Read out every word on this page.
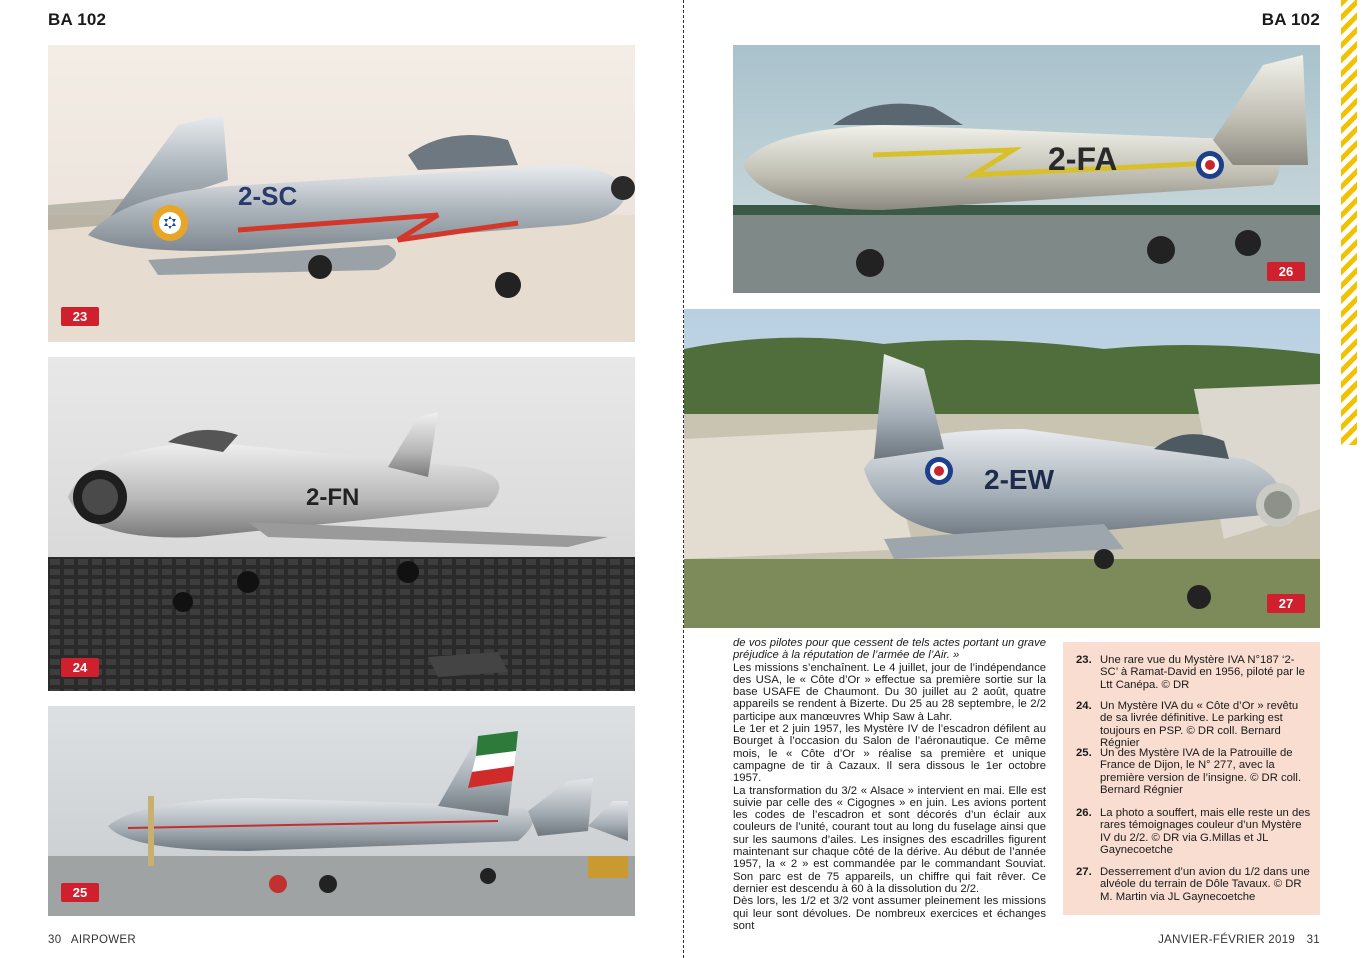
BA 102	BA 102
2-SC
23
2-FN
24
25
2-FA
26
2-EW
27

de vos pilotes pour que cessent de tels actes portant un grave préjudice à la réputation de l’armée de l’Air. »

Les missions s’enchaînent. Le 4 juillet, jour de l’indépendance des USA, le « Côte d’Or » effectue sa première sortie sur la base USAFE de Chaumont. Du 30 juillet au 2 août, quatre appareils se rendent à Bizerte. Du 25 au 28 septembre, le 2/2 participe aux manœuvres Whip Saw à Lahr.

Le 1er et 2 juin 1957, les Mystère IV de l’escadron défilent au Bourget à l’occasion du Salon de l’aéronautique. Ce même mois, le « Côte d’Or » réalise sa première et unique campagne de tir à Cazaux. Il sera dissous le 1er octobre 1957.

La transformation du 3/2 « Alsace » intervient en mai. Elle est suivie par celle des « Cigognes » en juin. Les avions portent les codes de l’escadron et sont décorés d’un éclair aux couleurs de l’unité, courant tout au long du fuselage ainsi que sur les saumons d’ailes. Les insignes des escadrilles figurent maintenant sur chaque côté de la dérive. Au début de l’année 1957, la « 2 » est commandée par le commandant Souviat. Son parc est de 75 appareils, un chiffre qui fait rêver. Ce dernier est descendu à 60 à la dissolution du 2/2.

Dès lors, les 1/2 et 3/2 vont assumer pleinement les missions qui leur sont dévolues. De nombreux exercices et échanges sont

23. Une rare vue du Mystère IVA N°187 ‘2-SC’ à Ramat-David en 1956, piloté par le Ltt Canépa. © DR
24. Un Mystère IVA du « Côte d’Or » revêtu de sa livrée définitive. Le parking est toujours en PSP. © DR coll. Bernard Régnier
25. Un des Mystère IVA de la Patrouille de France de Dijon, le N° 277, avec la première version de l’insigne. © DR coll. Bernard Régnier
26. La photo a souffert, mais elle reste un des rares témoignages couleur d’un Mystère IV du 2/2. © DR via G.Millas et JL Gaynecoetche
27. Desserrement d’un avion du 1/2 dans une alvéole du terrain de Dôle Tavaux. © DR M. Martin via JL Gaynecoetche
30 AIRPOWER	JANVIER-FÉVRIER 2019 31
